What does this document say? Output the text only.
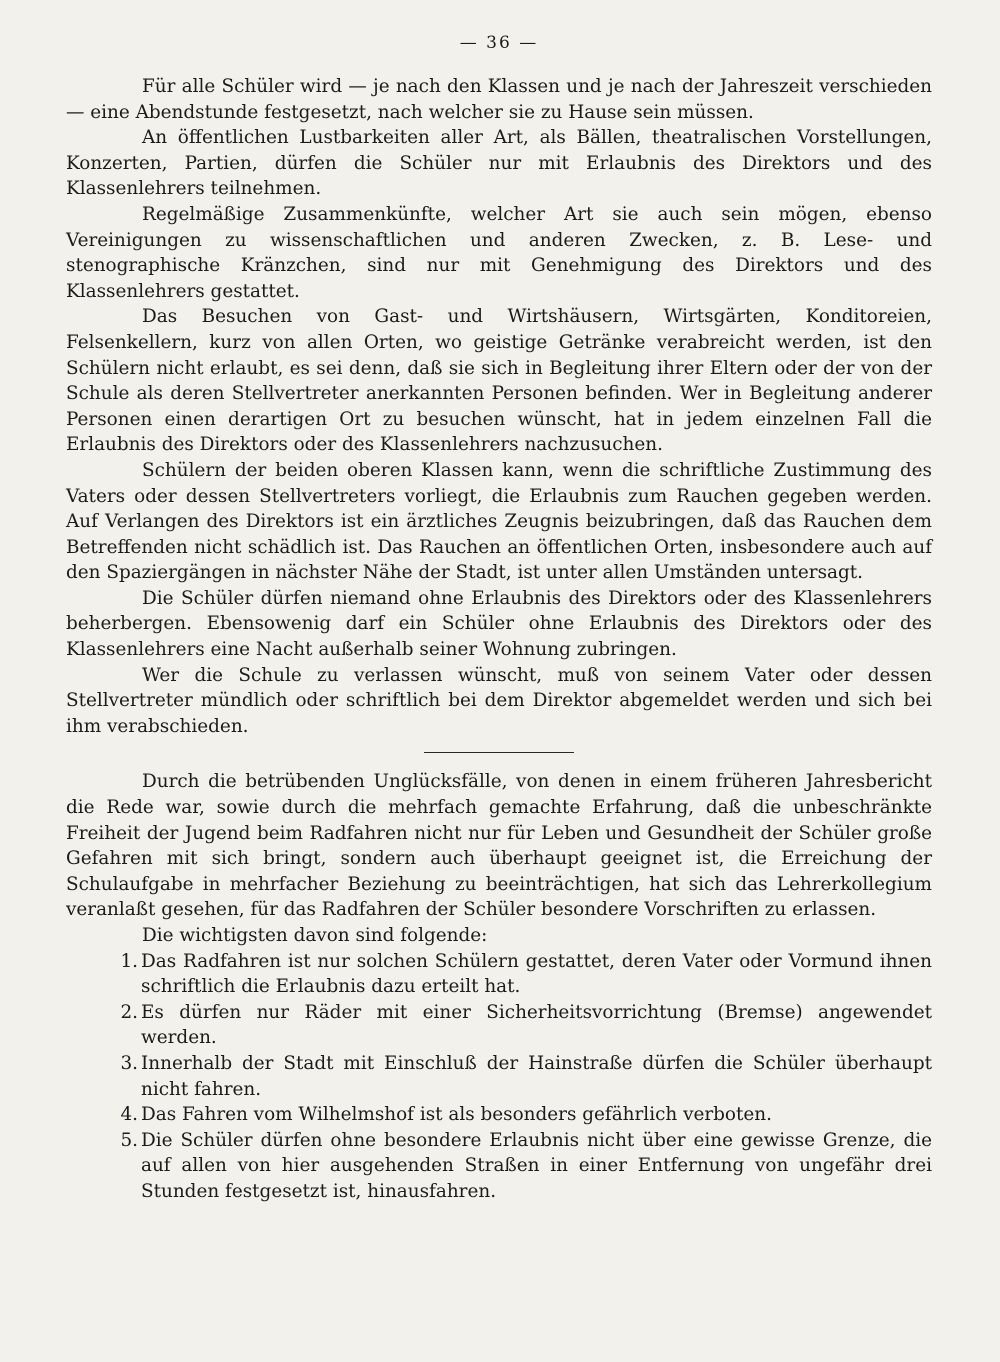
— 36 —

Für alle Schüler wird — je nach den Klassen und je nach der Jahreszeit verschieden — eine Abendstunde festgesetzt, nach welcher sie zu Hause sein müssen.

An öffentlichen Lustbarkeiten aller Art, als Bällen, theatralischen Vorstellungen, Konzerten, Partien, dürfen die Schüler nur mit Erlaubnis des Direktors und des Klassenlehrers teilnehmen.

Regelmäßige Zusammenkünfte, welcher Art sie auch sein mögen, ebenso Vereinigungen zu wissenschaftlichen und anderen Zwecken, z. B. Lese- und stenographische Kränzchen, sind nur mit Genehmigung des Direktors und des Klassenlehrers gestattet.

Das Besuchen von Gast- und Wirtshäusern, Wirtsgärten, Konditoreien, Felsenkellern, kurz von allen Orten, wo geistige Getränke verabreicht werden, ist den Schülern nicht erlaubt, es sei denn, daß sie sich in Begleitung ihrer Eltern oder der von der Schule als deren Stellvertreter anerkannten Personen befinden. Wer in Begleitung anderer Personen einen derartigen Ort zu besuchen wünscht, hat in jedem einzelnen Fall die Erlaubnis des Direktors oder des Klassenlehrers nachzusuchen.

Schülern der beiden oberen Klassen kann, wenn die schriftliche Zustimmung des Vaters oder dessen Stellvertreters vorliegt, die Erlaubnis zum Rauchen gegeben werden. Auf Verlangen des Direktors ist ein ärztliches Zeugnis beizubringen, daß das Rauchen dem Betreffenden nicht schädlich ist. Das Rauchen an öffentlichen Orten, insbesondere auch auf den Spaziergängen in nächster Nähe der Stadt, ist unter allen Umständen untersagt.

Die Schüler dürfen niemand ohne Erlaubnis des Direktors oder des Klassenlehrers beherbergen. Ebensowenig darf ein Schüler ohne Erlaubnis des Direktors oder des Klassenlehrers eine Nacht außerhalb seiner Wohnung zubringen.

Wer die Schule zu verlassen wünscht, muß von seinem Vater oder dessen Stellvertreter mündlich oder schriftlich bei dem Direktor abgemeldet werden und sich bei ihm verabschieden.

Durch die betrübenden Unglücksfälle, von denen in einem früheren Jahresbericht die Rede war, sowie durch die mehrfach gemachte Erfahrung, daß die unbeschränkte Freiheit der Jugend beim Radfahren nicht nur für Leben und Gesundheit der Schüler große Gefahren mit sich bringt, sondern auch überhaupt geeignet ist, die Erreichung der Schulaufgabe in mehrfacher Beziehung zu beeinträchtigen, hat sich das Lehrerkollegium veranlaßt gesehen, für das Radfahren der Schüler besondere Vorschriften zu erlassen.

Die wichtigsten davon sind folgende:

1. Das Radfahren ist nur solchen Schülern gestattet, deren Vater oder Vormund ihnen schriftlich die Erlaubnis dazu erteilt hat.
2. Es dürfen nur Räder mit einer Sicherheitsvorrichtung (Bremse) angewendet werden.
3. Innerhalb der Stadt mit Einschluß der Hainstraße dürfen die Schüler überhaupt nicht fahren.
4. Das Fahren vom Wilhelmshof ist als besonders gefährlich verboten.
5. Die Schüler dürfen ohne besondere Erlaubnis nicht über eine gewisse Grenze, die auf allen von hier ausgehenden Straßen in einer Entfernung von ungefähr drei Stunden festgesetzt ist, hinausfahren.
